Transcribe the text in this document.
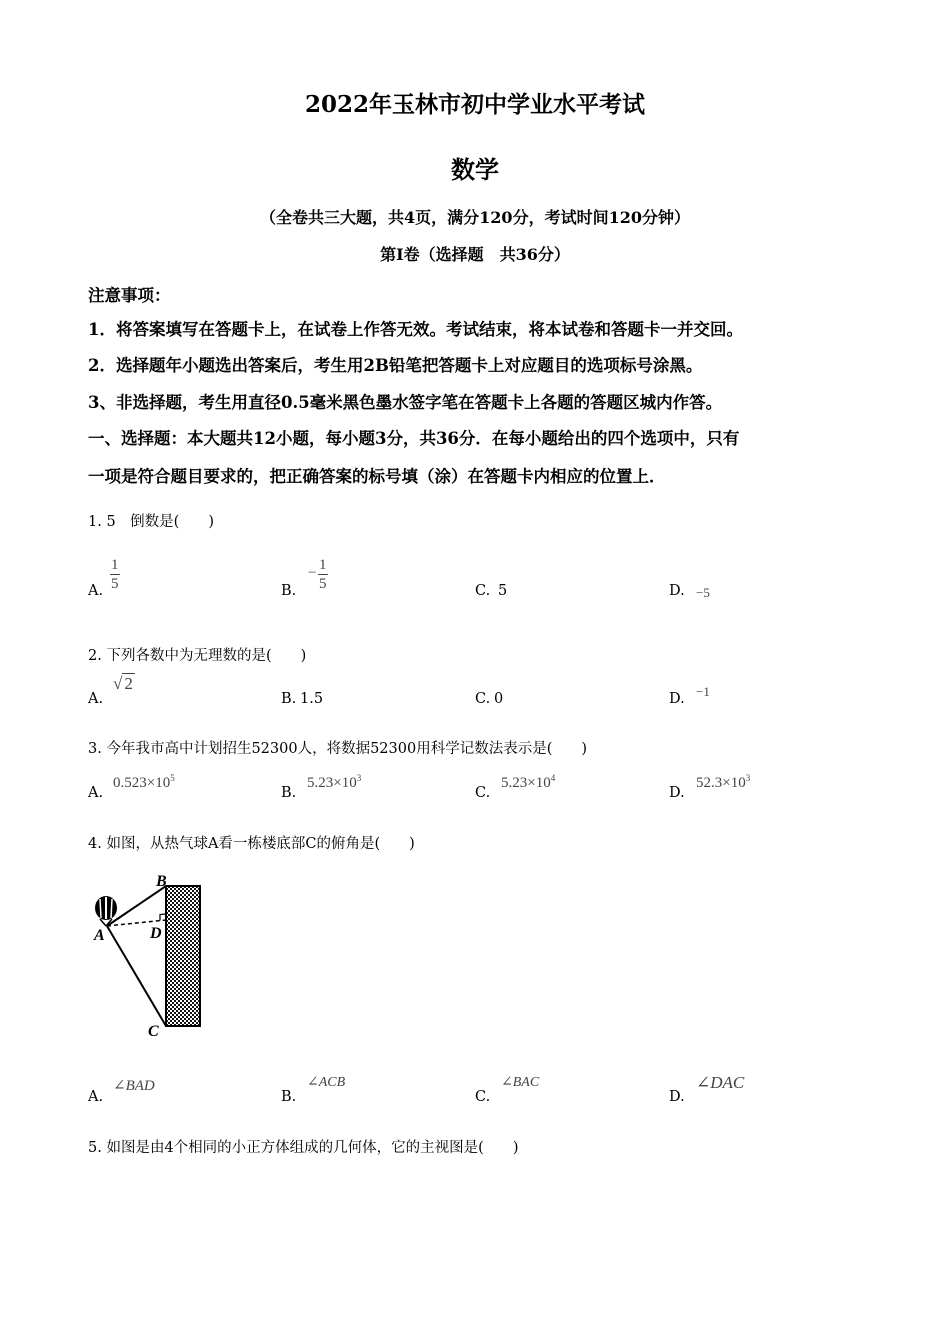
2022年玉林市初中学业水平考试
数学
（全卷共三大题，共4页，满分120分，考试时间120分钟）
第Ⅰ卷（选择题　共36分）
注意事项：
1．将答案填写在答题卡上，在试卷上作答无效。考试结束，将本试卷和答题卡一并交回。
2．选择题年小题选出答案后，考生用2B铅笔把答题卡上对应题目的选项标号涂黑。
3、非选择题，考生用直径0.5毫米黑色墨水签字笔在答题卡上各题的答题区城内作答。
一、选择题：本大题共12小题，每小题3分，共36分．在每小题给出的四个选项中，只有
一项是符合题目要求的，把正确答案的标号填（涂）在答题卡内相应的位置上．
1. 5　倒数是(　　)
A. $\frac{1}{5}$	B.
− $\frac{1}{5}$	C. 5	D. −5
2. 下列各数中为无理数的是(　　)
A.
√ 2
B. 1.5	C. 0	D. −1
3. 今年我市高中计划招生52300人，将数据52300用科学记数法表示是(　　)
A.
$0.523\times 10^5$
B.
$5.23\times 10^3$
C.
$5.23\times 10^4$
D.
$52.3\times 10^3$
4. 如图，从热气球A看一栋楼底部C的俯角是(　　)
B
A	D
C
A.
∠BAD
B.
∠ACB
C.
∠BAC
D.
∠DAC
5. 如图是由4个相同的小正方体组成的几何体，它的主视图是(　　)
